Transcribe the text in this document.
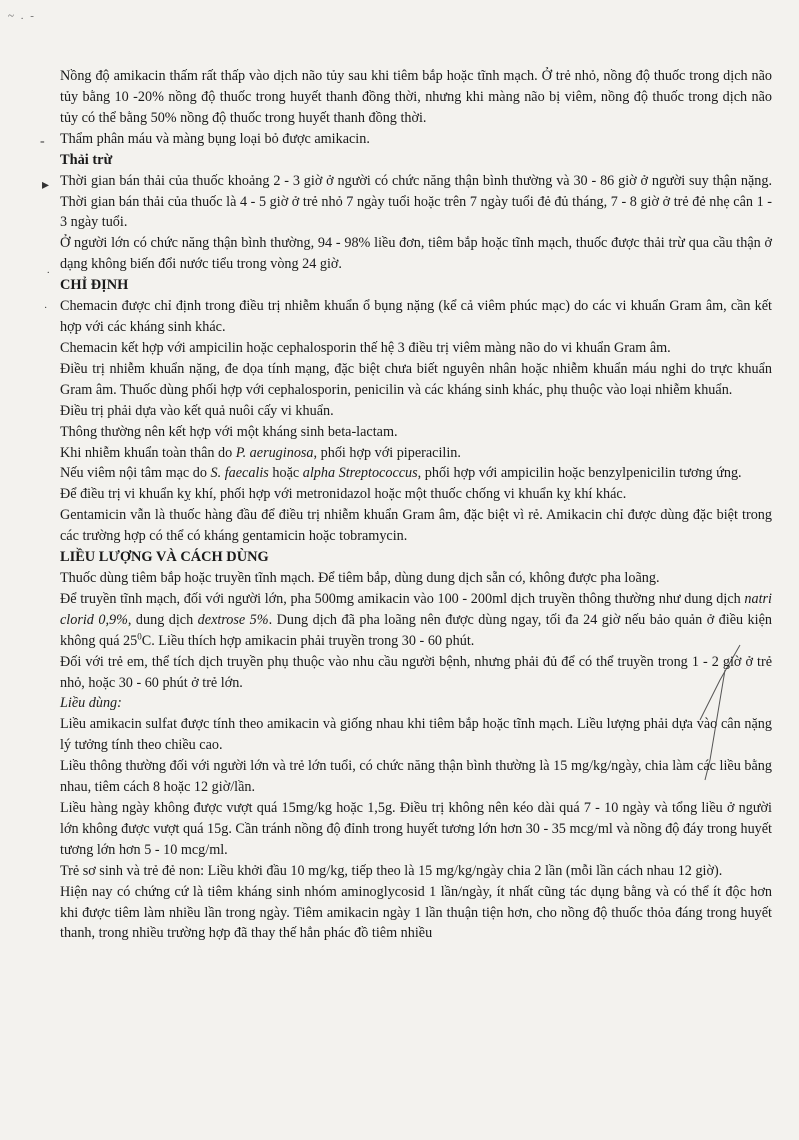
~ . -
-
▸
.
·

Nồng độ amikacin thấm rất thấp vào dịch não tủy sau khi tiêm bắp hoặc tĩnh mạch. Ở trẻ nhỏ, nồng độ thuốc trong dịch não tủy bằng 10 -20% nồng độ thuốc trong huyết thanh đồng thời, nhưng khi màng não bị viêm, nồng độ thuốc trong dịch não tủy có thể bằng 50% nồng độ thuốc trong huyết thanh đồng thời.

Thẩm phân máu và màng bụng loại bỏ được amikacin.

Thải trừ

Thời gian bán thải của thuốc khoảng 2 - 3 giờ ở người có chức năng thận bình thường và 30 - 86 giờ ở người suy thận nặng. Thời gian bán thải của thuốc là 4 - 5 giờ ở trẻ nhỏ 7 ngày tuổi hoặc trên 7 ngày tuổi đẻ đủ tháng, 7 - 8 giờ ở trẻ đẻ nhẹ cân 1 - 3 ngày tuổi.

Ở người lớn có chức năng thận bình thường, 94 - 98% liều đơn, tiêm bắp hoặc tĩnh mạch, thuốc được thải trừ qua cầu thận ở dạng không biến đổi nước tiểu trong vòng 24 giờ.

CHỈ ĐỊNH

Chemacin được chỉ định trong điều trị nhiễm khuẩn ổ bụng nặng (kể cả viêm phúc mạc) do các vi khuẩn Gram âm, cần kết hợp với các kháng sinh khác.

Chemacin kết hợp với ampicilin hoặc cephalosporin thế hệ 3 điều trị viêm màng não do vi khuẩn Gram âm.

Điều trị nhiễm khuẩn nặng, đe dọa tính mạng, đặc biệt chưa biết nguyên nhân hoặc nhiễm khuẩn máu nghi do trực khuẩn Gram âm. Thuốc dùng phối hợp với cephalosporin, penicilin và các kháng sinh khác, phụ thuộc vào loại nhiễm khuẩn.

Điều trị phải dựa vào kết quả nuôi cấy vi khuẩn.

Thông thường nên kết hợp với một kháng sinh beta-lactam.

Khi nhiễm khuẩn toàn thân do P. aeruginosa, phối hợp với piperacilin.

Nếu viêm nội tâm mạc do S. faecalis hoặc alpha Streptococcus, phối hợp với ampicilin hoặc benzylpenicilin tương ứng.

Để điều trị vi khuẩn kỵ khí, phối hợp với metronidazol hoặc một thuốc chống vi khuẩn kỵ khí khác.

Gentamicin vẫn là thuốc hàng đầu để điều trị nhiễm khuẩn Gram âm, đặc biệt vì rẻ. Amikacin chỉ được dùng đặc biệt trong các trường hợp có thể có kháng gentamicin hoặc tobramycin.

LIỀU LƯỢNG VÀ CÁCH DÙNG

Thuốc dùng tiêm bắp hoặc truyền tĩnh mạch. Để tiêm bắp, dùng dung dịch sẵn có, không được pha loãng.

Để truyền tĩnh mạch, đối với người lớn, pha 500mg amikacin vào 100 - 200ml dịch truyền thông thường như dung dịch natri clorid 0,9%, dung dịch dextrose 5%. Dung dịch đã pha loãng nên được dùng ngay, tối đa 24 giờ nếu bảo quản ở điều kiện không quá $25^0C$. Liều thích hợp amikacin phải truyền trong 30 - 60 phút.

Đối với trẻ em, thể tích dịch truyền phụ thuộc vào nhu cầu người bệnh, nhưng phải đủ để có thể truyền trong 1 - 2 giờ ở trẻ nhỏ, hoặc 30 - 60 phút ở trẻ lớn.

Liều dùng:

Liều amikacin sulfat được tính theo amikacin và giống nhau khi tiêm bắp hoặc tĩnh mạch. Liều lượng phải dựa vào cân nặng lý tưởng tính theo chiều cao.

Liều thông thường đối với người lớn và trẻ lớn tuổi, có chức năng thận bình thường là 15 mg/kg/ngày, chia làm các liều bằng nhau, tiêm cách 8 hoặc 12 giờ/lần.

Liều hàng ngày không được vượt quá 15mg/kg hoặc 1,5g. Điều trị không nên kéo dài quá 7 - 10 ngày và tổng liều ở người lớn không được vượt quá 15g. Cần tránh nồng độ đỉnh trong huyết tương lớn hơn 30 - 35 mcg/ml và nồng độ đáy trong huyết tương lớn hơn 5 - 10 mcg/ml.

Trẻ sơ sinh và trẻ đẻ non: Liều khởi đầu 10 mg/kg, tiếp theo là 15 mg/kg/ngày chia 2 lần (mỗi lần cách nhau 12 giờ).

Hiện nay có chứng cứ là tiêm kháng sinh nhóm aminoglycosid 1 lần/ngày, ít nhất cũng tác dụng bằng và có thể ít độc hơn khi được tiêm làm nhiều lần trong ngày. Tiêm amikacin ngày 1 lần thuận tiện hơn, cho nồng độ thuốc thỏa đáng trong huyết thanh, trong nhiều trường hợp đã thay thế hẳn phác đồ tiêm nhiều
